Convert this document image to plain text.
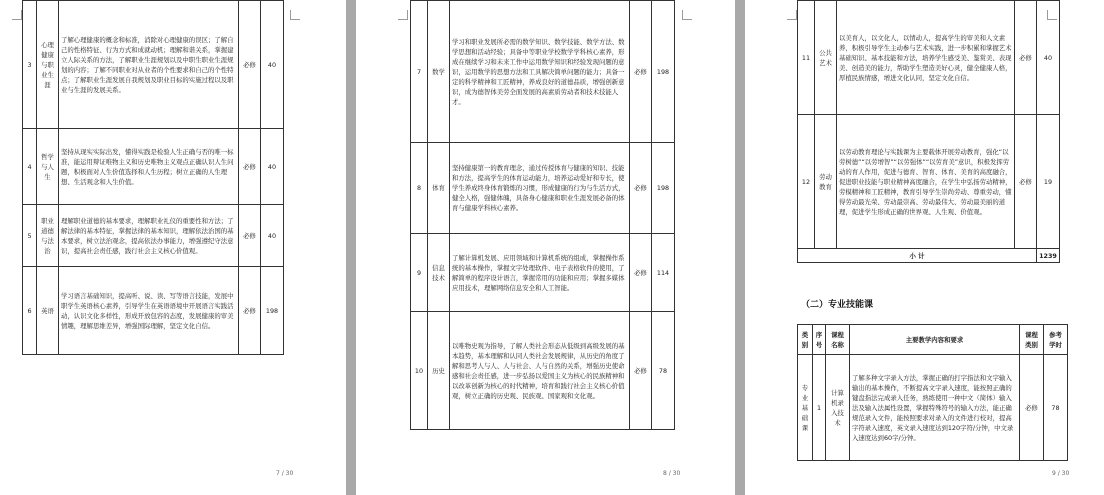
3	心理健康与职业生涯	了解心理健康的概念和标准，消除对心理健康的误区；了解自己的性格特征、行为方式和成就动机；理解和谐关系，掌握建立人际关系的方法，了解职业生涯规划以及中职生职业生涯规划的内容；了解不同职业对从业者的个性要求和自己的个性特点；了解职业生涯发展自我规划及职业目标的实施过程以及职业与生涯的发展关系。	必修	40
4	哲学与人生	坚持从现实实际出发，懂得实践是检验人生正确与否的唯一标准，能运用辩证唯物主义和历史唯物主义观点正确认识人生问题，积极面对人生价值选择和人生历程；树立正确的人生理想、生活观念和人生价值。	必修	40
5	职业道德与法治	理解职业道德的基本要求，理解职业礼仪的重要性和方法；了解法律的基本特征，掌握法律的基本知识，理解依法治国的基本要求，树立法治观念，提高依法办事能力，增强遵纪守法意识，提高社会责任感，践行社会主义核心价值观。	必修	40
6	英语	学习语言基础知识，提高听、说、读、写等语言技能，发展中职学生英语核心素养，引导学生在英语语境中开展语言实践活动，认识文化多样性，形成开放包容的态度，发展健康的审美情趣，理解思维差异，增强国际理解，坚定文化自信。	必修	198
7 / 30
7	数学	学习和职业发展所必需的数学知识、数学技能、数学方法、数学思想和活动经验；具备中等职业学校数学学科核心素养，形成在继续学习和未来工作中运用数学知识和经验发现问题的意识，运用数学的思想方法和工具解决简单问题的能力；具备一定的科学精神和工匠精神，养成良好的道德品质，增强创新意识，成为德智体美劳全面发展的高素质劳动者和技术技能人才。	必修	198
8	体育	坚持健康第一的教育理念，通过传授体育与健康的知识、技能和方法，提高学生的体育运动能力，培养运动爱好和专长，使学生养成终身体育锻炼的习惯，形成健康的行为与生活方式，健全人格，强健体魄，具备身心健康和职业生涯发展必备的体育与健康学科核心素养。	必修	198
9	信息技术	了解计算机发展、应用领域和计算机系统的组成，掌握操作系统的基本操作，掌握文字处理软件、电子表格软件的使用，了解简单的程序设计语言，掌握常用的功能和应用；掌握多媒体应用技术，理解网络信息安全和人工智能。	必修	114
10	历史	以唯物史观为指导，了解人类社会形态从低级到高级发展的基本趋势，基本理解和认同人类社会发展规律，从历史的角度了解和思考人与人、人与社会、人与自然的关系，增强历史使命感和社会责任感，进一步弘扬以爱国主义为核心的民族精神和以改革创新为核心的时代精神，培育和践行社会主义核心价值观，树立正确的历史观、民族观、国家观和文化观。	必修	78
8 / 30
11	公共艺术	以美育人，以文化人，以情动人，提高学生的审美和人文素养，积极引导学生主动参与艺术实践，进一步积累和掌握艺术基础知识、基本技能和方法，培养学生感受美、鉴赏美、表现美、创造美的能力，帮助学生塑造美好心灵，健全健康人格，厚植民族情感，增进文化认同，坚定文化自信。	必修	40
12	劳动教育	以劳动教育理论与实践课为主要载体开展劳动教育，强化“以劳树德”“以劳增智”“以劳强体”“以劳育美”意识，积极发挥劳动的育人作用，促进与德育、智育、体育、美育的高度融合，促进职业技能与职业精神高度融合，在学生中弘扬劳动精神，劳模精神和工匠精神，教育引导学生崇尚劳动、尊重劳动，懂得劳动最光荣、劳动最崇高、劳动最伟大、劳动最美丽的道理，促进学生形成正确的世界观、人生观、价值观。	必修	19
小 计				1239
（二）专业技能课
类别	序号	课程名称	主要教学内容和要求	课程类别	参考学时
专业基础课	1	计算机录入技术	了解多种文字录入方法，掌握正确的打字指法和文字输入输出的基本操作，不断提高文字录入速度，能按照正确的键盘指法完成录入任务，熟练使用一种中文（简体）输入法及输入法属性设置，掌握特殊符号的输入方法，能正确规范录入文件，能按照要求对录入的文件进行校对，提高字符录入速度，英文录入速度达到120字符/分钟，中文录入速度达到60字/分钟。	必修	78
9 / 30
